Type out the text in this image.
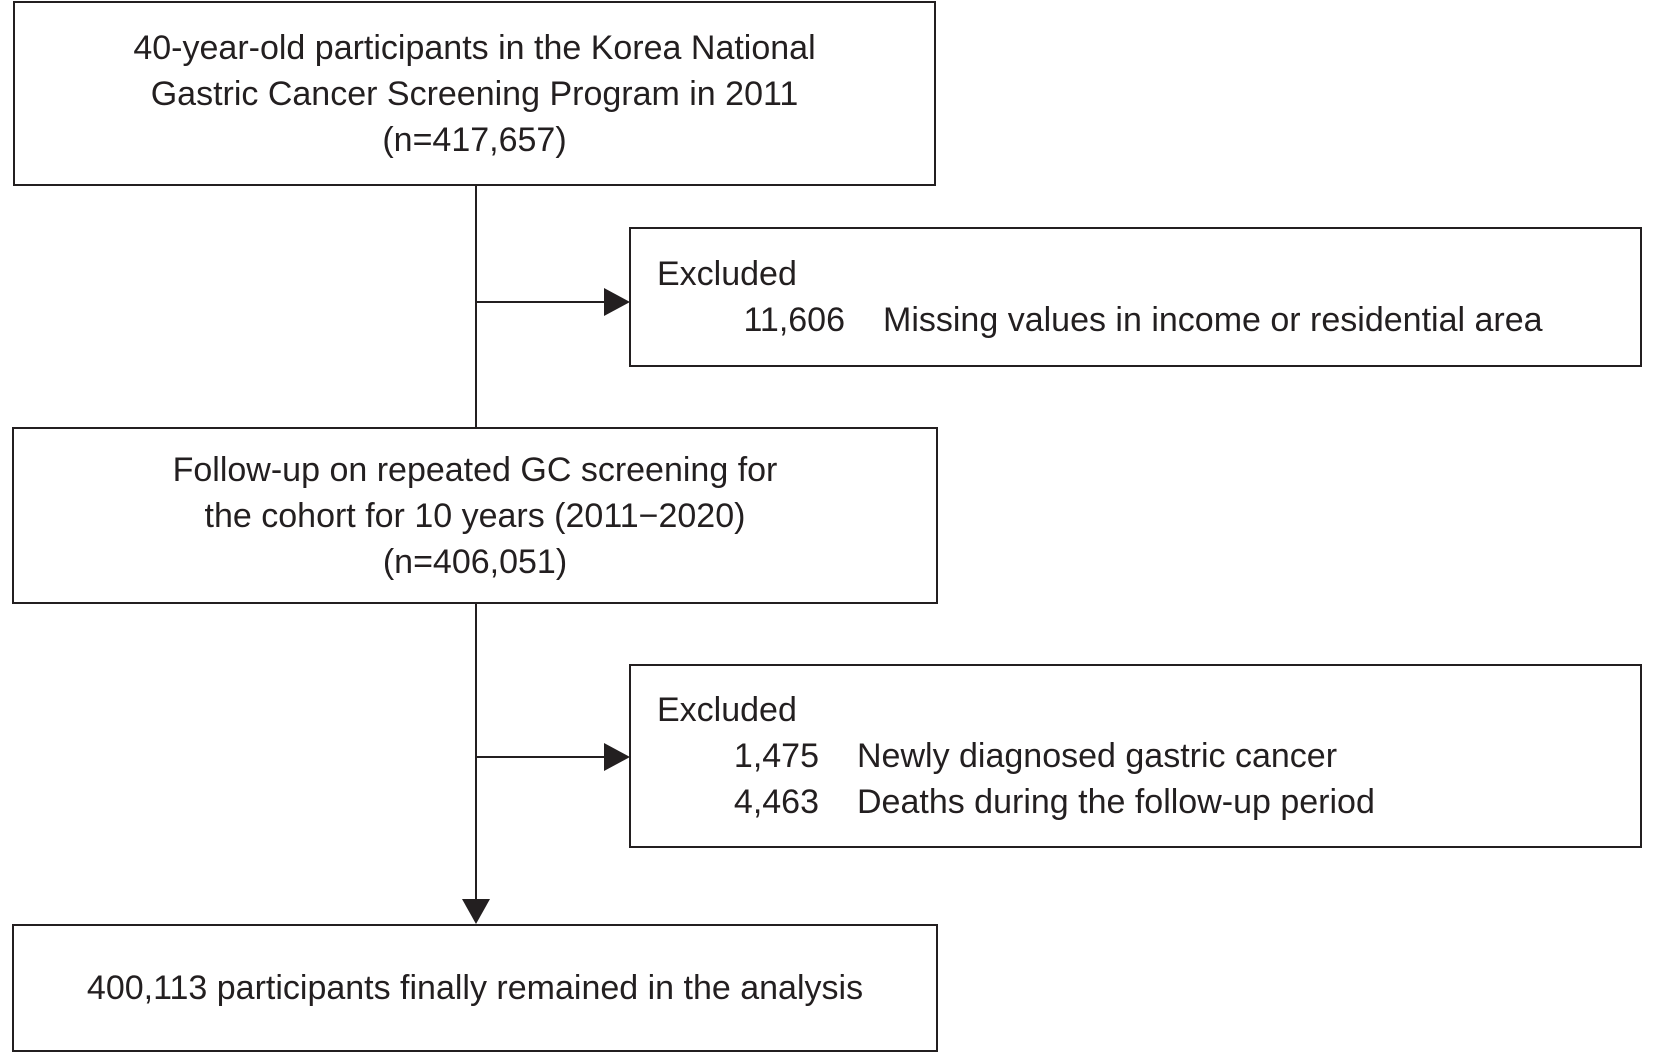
40-year-old participants in the Korea National
Gastric Cancer Screening Program in 2011
(n=417,657)
Excluded
11,606	Missing values in income or residential area
Follow-up on repeated GC screening for
the cohort for 10 years (2011−2020)
(n=406,051)
Excluded
1,475	Newly diagnosed gastric cancer
4,463	Deaths during the follow-up period
400,113 participants finally remained in the analysis
